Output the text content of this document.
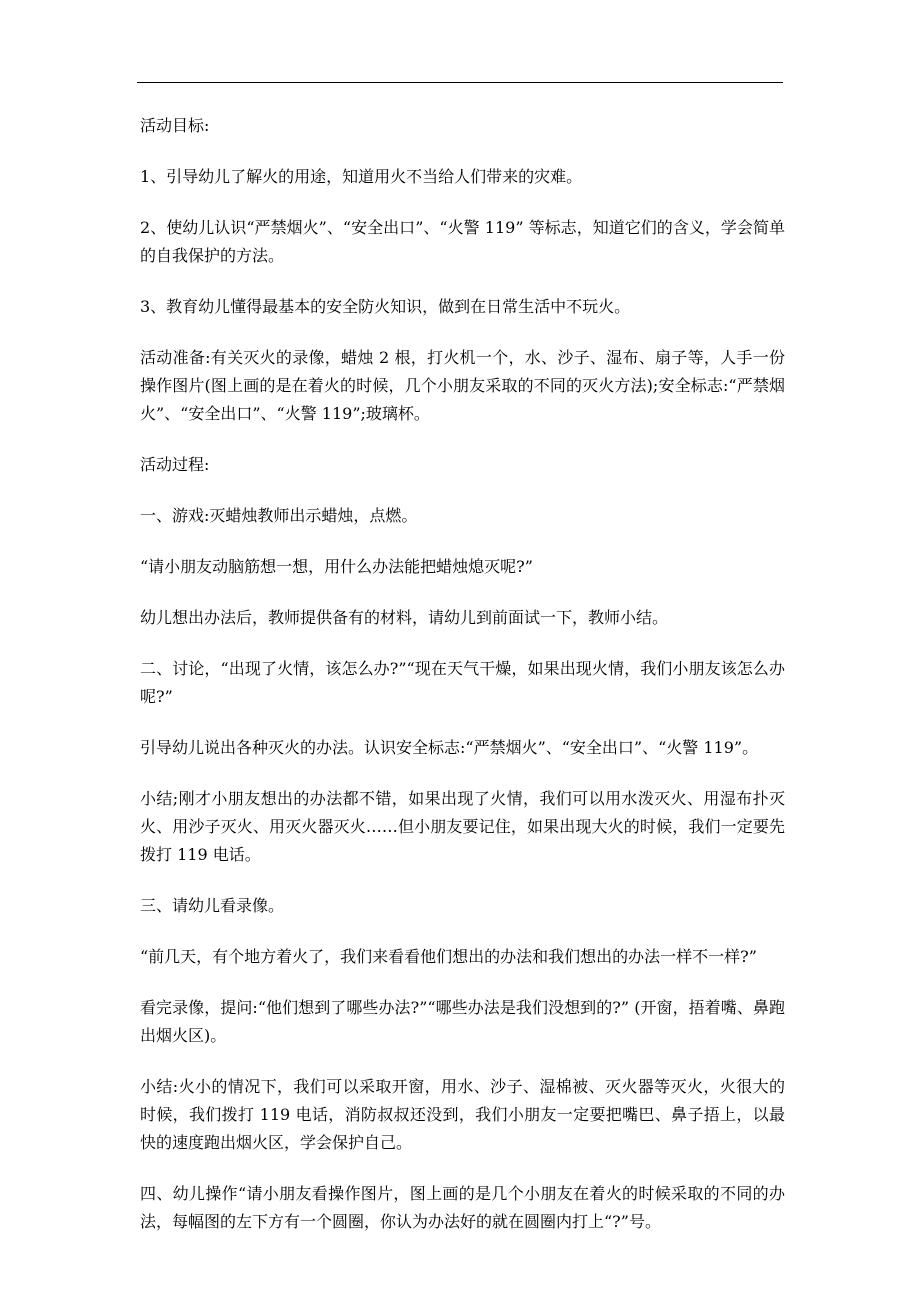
活动目标:

1、引导幼儿了解火的用途，知道用火不当给人们带来的灾难。

2、使幼儿认识“严禁烟火”、“安全出口”、“火警 119” 等标志，知道它们的含义，学会简单的自我保护的方法。

3、教育幼儿懂得最基本的安全防火知识，做到在日常生活中不玩火。

活动准备:有关灭火的录像，蜡烛 2 根，打火机一个，水、沙子、湿布、扇子等，人手一份操作图片(图上画的是在着火的时候，几个小朋友采取的不同的灭火方法);安全标志:“严禁烟火”、“安全出口”、“火警 119”;玻璃杯。

活动过程:

一、游戏:灭蜡烛教师出示蜡烛，点燃。

“请小朋友动脑筋想一想，用什么办法能把蜡烛熄灭呢?”

幼儿想出办法后，教师提供备有的材料，请幼儿到前面试一下，教师小结。

二、讨论，“出现了火情，该怎么办?”“现在天气干燥，如果出现火情，我们小朋友该怎么办呢?”

引导幼儿说出各种灭火的办法。认识安全标志:“严禁烟火”、“安全出口”、“火警 119”。

小结;刚才小朋友想出的办法都不错，如果出现了火情，我们可以用水泼灭火、用湿布扑灭火、用沙子灭火、用灭火器灭火……但小朋友要记住，如果出现大火的时候，我们一定要先拨打 119 电话。

三、请幼儿看录像。

“前几天，有个地方着火了，我们来看看他们想出的办法和我们想出的办法一样不一样?”

看完录像，提问:“他们想到了哪些办法?”“哪些办法是我们没想到的?” (开窗，捂着嘴、鼻跑出烟火区)。

小结:火小的情况下，我们可以采取开窗，用水、沙子、湿棉被、灭火器等灭火，火很大的时候，我们拨打 119 电话，消防叔叔还没到，我们小朋友一定要把嘴巴、鼻子捂上，以最快的速度跑出烟火区，学会保护自己。

四、幼儿操作“请小朋友看操作图片，图上画的是几个小朋友在着火的时候采取的不同的办法，每幅图的左下方有一个圆圈，你认为办法好的就在圆圈内打上“?”号。
